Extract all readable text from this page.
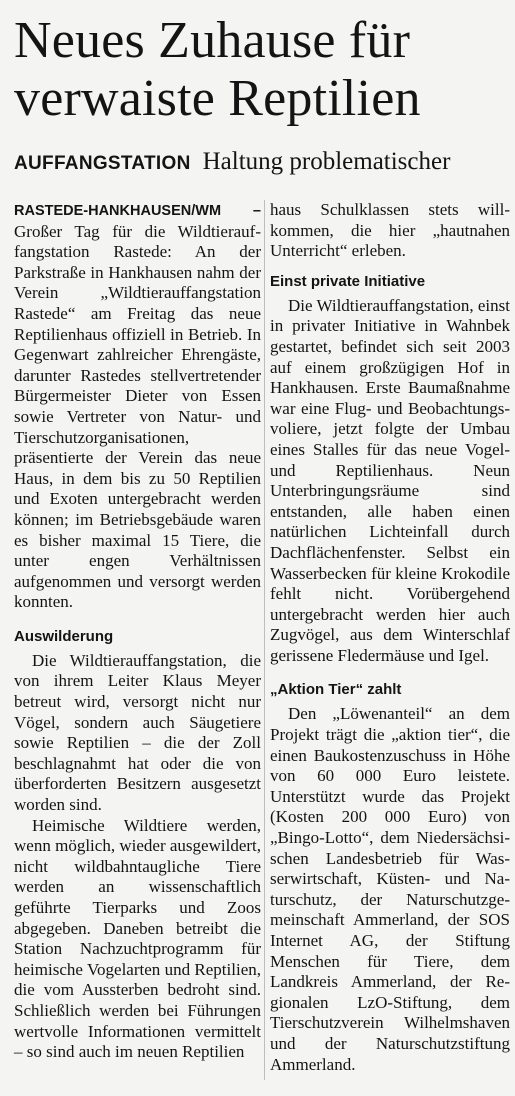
Neues Zuhause für
verwaiste Reptilien
AUFFANGSTATION Haltung problematischer

RASTEDE-HANKHAUSEN/WM – Großer Tag für die Wildtierauffangstation Rastede: An der Parkstraße in Hankhausen nahm der Verein „Wildtierauffangstation Rastede“ am Freitag das neue Reptilienhaus offiziell in Betrieb. In Gegenwart zahlreicher Ehrengäste, darunter Rastedes stellvertretender Bürgermeister Dieter von Essen sowie Vertreter von Natur- und Tierschutzorganisationen, präsentierte der Verein das neue Haus, in dem bis zu 50 Reptilien und Exoten untergebracht werden können; im Betriebsgebäude waren es bisher maximal 15 Tiere, die unter engen Verhältnissen aufgenommen und versorgt werden konnten.

Auswilderung

Die Wildtierauffangstation, die von ihrem Leiter Klaus Meyer betreut wird, versorgt nicht nur Vögel, sondern auch Säugetiere sowie Reptilien – die der Zoll beschlagnahmt hat oder die von überforderten Besitzern ausgesetzt worden sind.

Heimische Wildtiere werden, wenn möglich, wieder ausgewildert, nicht wildbahntaugliche Tiere werden an wissenschaftlich geführte Tierparks und Zoos abgegeben. Daneben betreibt die Station Nachzuchtprogramm für heimische Vogelarten und Reptilien, die vom Aussterben bedroht sind. Schließlich werden bei Führungen wertvolle Informationen vermittelt – so sind auch im neuen Reptilien

haus Schulklassen stets willkommen, die hier „hautnahen Unterricht“ erleben.

Einst private Initiative

Die Wildtierauffangstation, einst in privater Initiative in Wahnbek gestartet, befindet sich seit 2003 auf einem großzügigen Hof in Hankhausen. Erste Baumaßnahme war eine Flug- und Beobachtungsvoliere, jetzt folgte der Umbau eines Stalles für das neue Vogel- und Reptilienhaus. Neun Unterbringungsräume sind entstanden, alle haben einen natürlichen Lichteinfall durch Dachflächenfenster. Selbst ein Wasserbecken für kleine Krokodile fehlt nicht. Vorübergehend untergebracht werden hier auch Zugvögel, aus dem Winterschlaf gerissene Fledermäuse und Igel.

„Aktion Tier“ zahlt

Den „Löwenanteil“ an dem Projekt trägt die „aktion tier“, die einen Baukostenzuschuss in Höhe von 60 000 Euro leistete. Unterstützt wurde das Projekt (Kosten 200 000 Euro) von „Bingo-Lotto“, dem Niedersächsischen Landesbetrieb für Wasserwirtschaft, Küsten- und Naturschutz, der Naturschutzgemeinschaft Ammerland, der SOS Internet AG, der Stiftung Menschen für Tiere, dem Landkreis Ammerland, der Regionalen LzO-Stiftung, dem Tierschutzverein Wilhelmshaven und der Naturschutzstiftung Ammerland.
